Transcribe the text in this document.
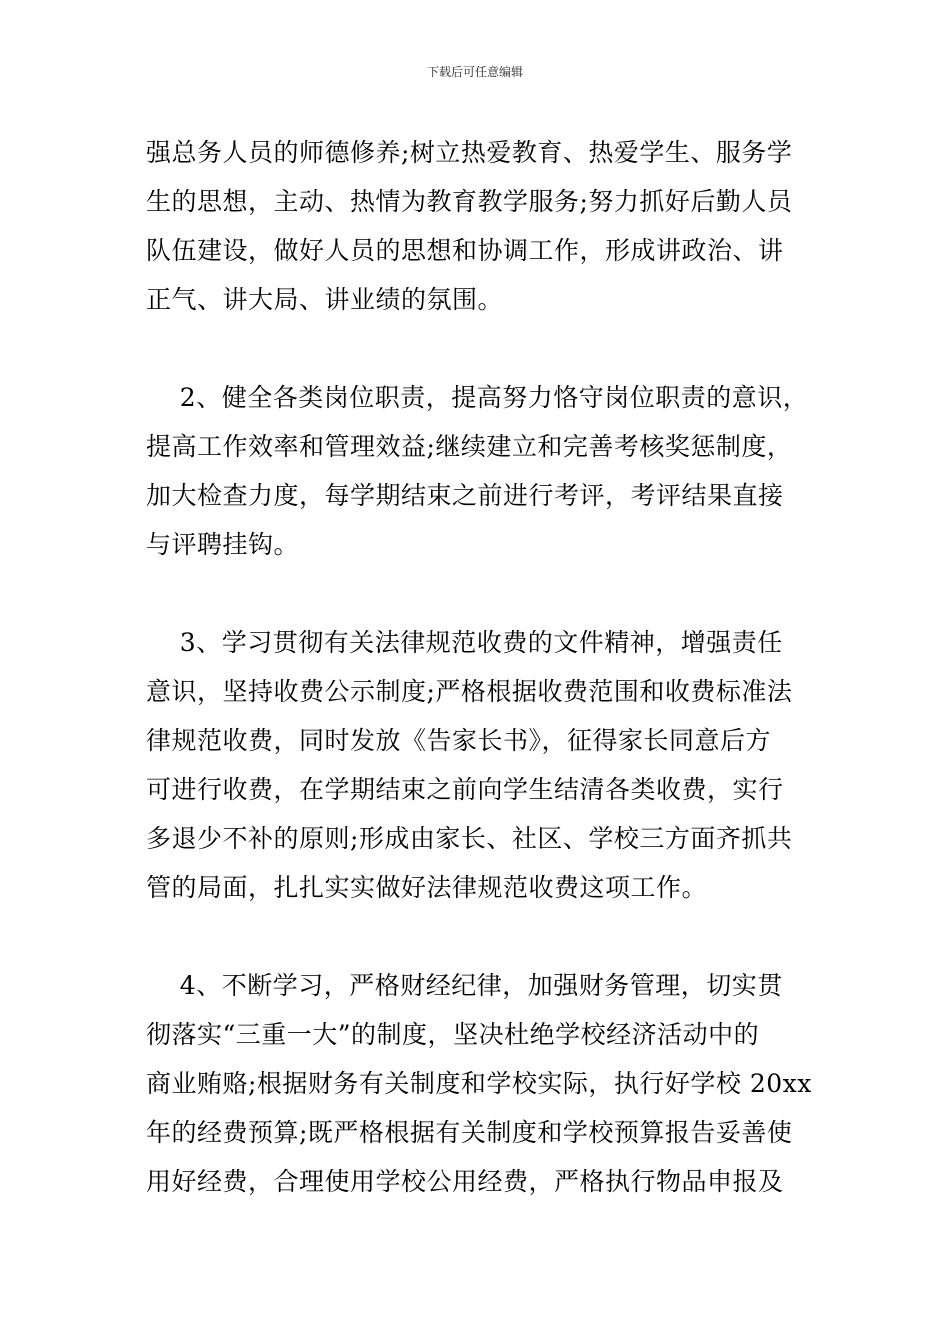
下载后可任意编辑
强总务人员的师德修养;树立热爱教育、热爱学生、服务学
生的思想，主动、热情为教育教学服务;努力抓好后勤人员
队伍建设，做好人员的思想和协调工作，形成讲政治、讲
正气、讲大局、讲业绩的氛围。
2、健全各类岗位职责，提高努力恪守岗位职责的意识，
提高工作效率和管理效益;继续建立和完善考核奖惩制度，
加大检查力度，每学期结束之前进行考评，考评结果直接
与评聘挂钩。
3、学习贯彻有关法律规范收费的文件精神，增强责任
意识，坚持收费公示制度;严格根据收费范围和收费标准法
律规范收费，同时发放《告家长书》，征得家长同意后方
可进行收费，在学期结束之前向学生结清各类收费，实行
多退少不补的原则;形成由家长、社区、学校三方面齐抓共
管的局面，扎扎实实做好法律规范收费这项工作。
4、不断学习，严格财经纪律，加强财务管理，切实贯
彻落实“三重一大”的制度，坚决杜绝学校经济活动中的
商业贿赂;根据财务有关制度和学校实际，执行好学校 20xx
年的经费预算;既严格根据有关制度和学校预算报告妥善使
用好经费，合理使用学校公用经费，严格执行物品申报及
